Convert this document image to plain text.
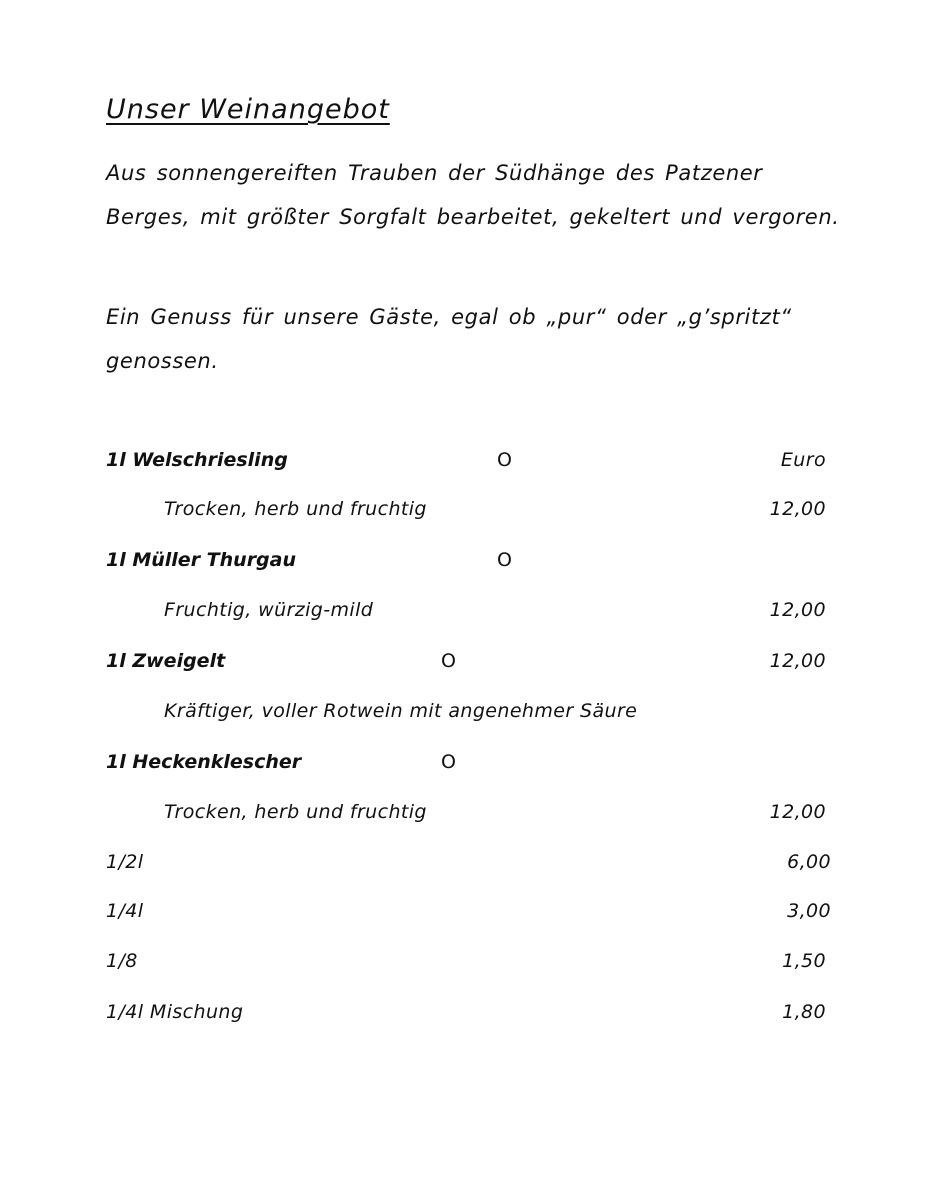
Unser Weinangebot
Aus sonnengereiften Trauben der Südhänge des Patzener Berges, mit größter Sorgfalt bearbeitet, gekeltert und vergoren.
Ein Genuss für unsere Gäste, egal ob „pur“ oder „g’spritzt“ genossen.
1l Welschriesling	O	Euro
Trocken, herb und fruchtig	12,00
1l Müller Thurgau	O
Fruchtig, würzig-mild	12,00
1l Zweigelt	O	12,00
Kräftiger, voller Rotwein mit angenehmer Säure
1l Heckenklescher	O
Trocken, herb und fruchtig	12,00
1/2l	6,00
1/4l	3,00
1/8	1,50
1/4l Mischung	1,80
